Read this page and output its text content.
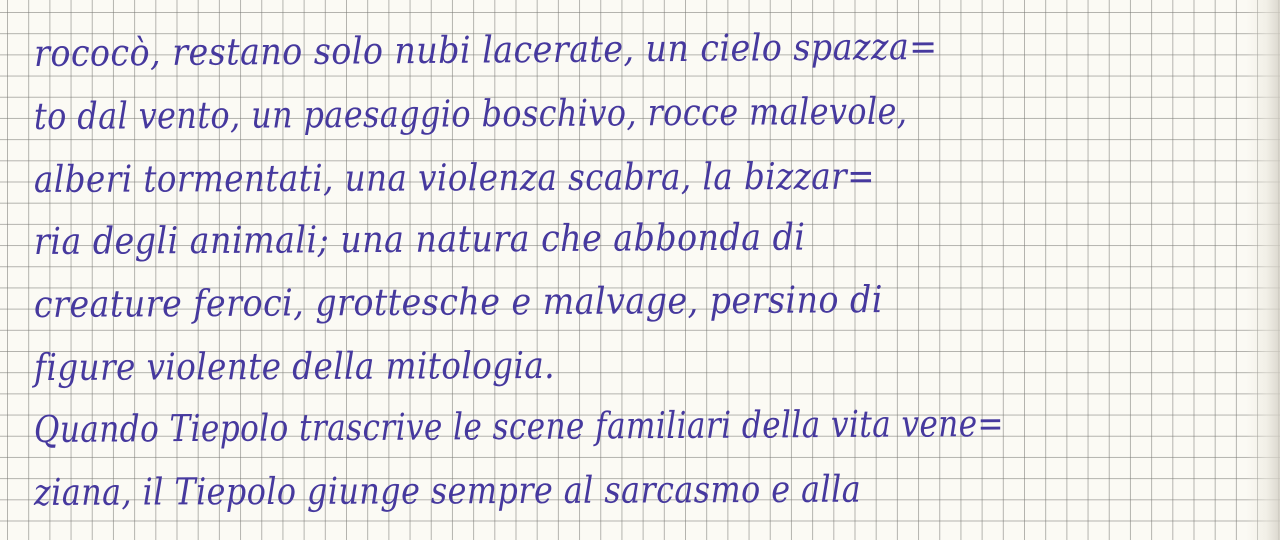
rococò, restano solo nubi lacerate, un cielo spazza=

to dal vento, un paesaggio boschivo, rocce malevole,

alberi tormentati, una violenza scabra, la bizzar=

ria degli animali; una natura che abbonda di

creature feroci, grottesche e malvage, persino di

figure violente della mitologia.

Quando Tiepolo trascrive le scene familiari della vita vene=

ziana, il Tiepolo giunge sempre al sarcasmo e alla
